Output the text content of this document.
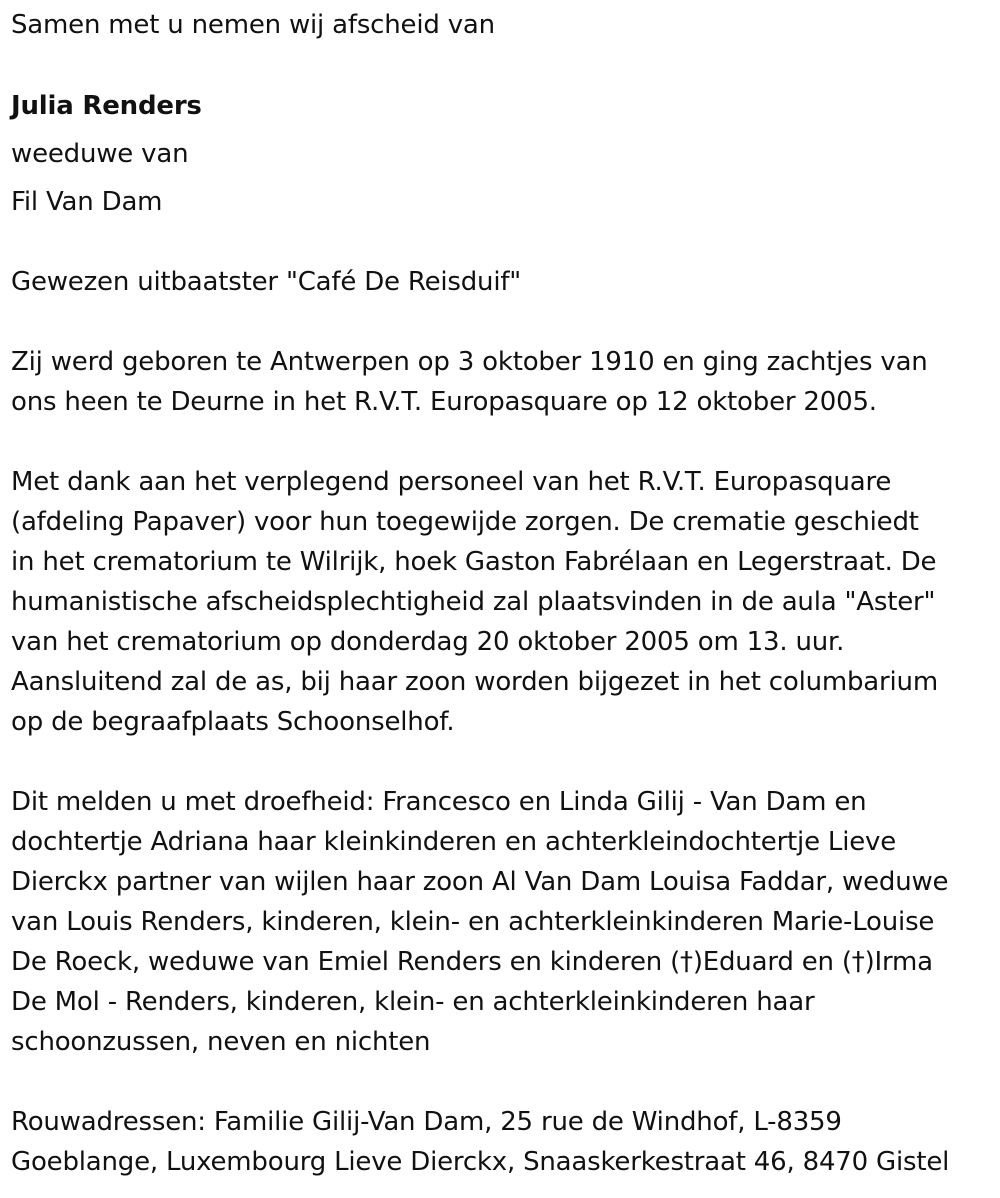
Samen met u nemen wij afscheid van
Julia Renders
weeduwe van
Fil Van Dam
Gewezen uitbaatster "Café De Reisduif"
Zij werd geboren te Antwerpen op 3 oktober 1910 en ging zachtjes van
ons heen te Deurne in het R.V.T. Europasquare op 12 oktober 2005.
Met dank aan het verplegend personeel van het R.V.T. Europasquare
(afdeling Papaver) voor hun toegewijde zorgen. De crematie geschiedt
in het crematorium te Wilrijk, hoek Gaston Fabrélaan en Legerstraat. De
humanistische afscheidsplechtigheid zal plaatsvinden in de aula "Aster"
van het crematorium op donderdag 20 oktober 2005 om 13. uur.
Aansluitend zal de as, bij haar zoon worden bijgezet in het columbarium
op de begraafplaats Schoonselhof.
Dit melden u met droefheid: Francesco en Linda Gilij - Van Dam en
dochtertje Adriana haar kleinkinderen en achterkleindochtertje Lieve
Dierckx partner van wijlen haar zoon Al Van Dam Louisa Faddar, weduwe
van Louis Renders, kinderen, klein- en achterkleinkinderen Marie-Louise
De Roeck, weduwe van Emiel Renders en kinderen (†)Eduard en (†)Irma
De Mol - Renders, kinderen, klein- en achterkleinkinderen haar
schoonzussen, neven en nichten
Rouwadressen: Familie Gilij-Van Dam, 25 rue de Windhof, L-8359
Goeblange, Luxembourg Lieve Dierckx, Snaaskerkestraat 46, 8470 Gistel
